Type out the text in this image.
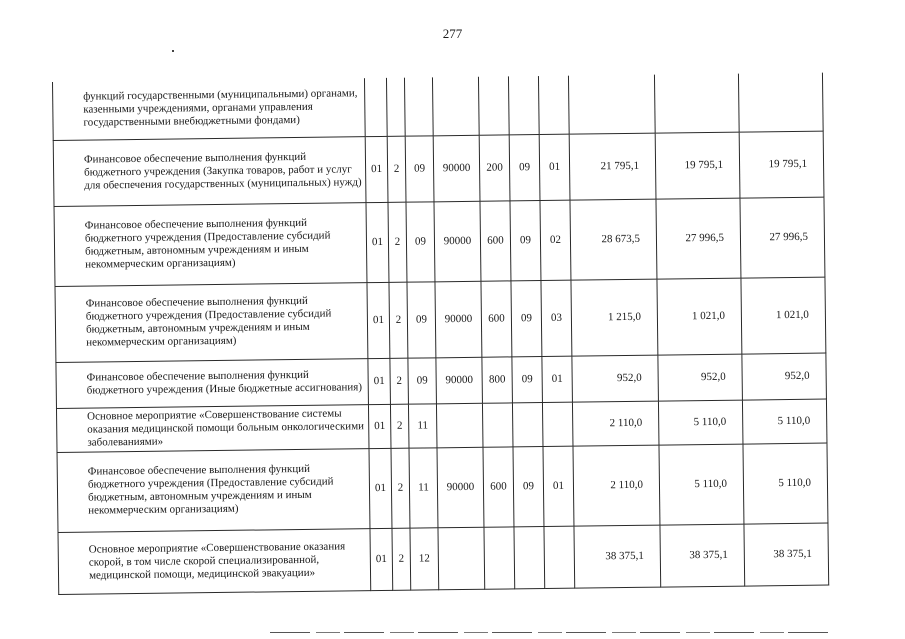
277
функций государственными (муниципальными) органами, казенными учреждениями, органами управления государственными внебюджетными фондами)										
Финансовое обеспечение выполнения функций бюджетного учреждения (Закупка товаров, работ и услуг для обеспечения государственных (муниципальных) нужд)	01	2	09	90000	200	09	01	21 795,1	19 795,1	19 795,1
Финансовое обеспечение выполнения функций бюджетного учреждения (Предоставление субсидий бюджетным, автономным учреждениям и иным некоммерческим организациям)	01	2	09	90000	600	09	02	28 673,5	27 996,5	27 996,5
Финансовое обеспечение выполнения функций бюджетного учреждения (Предоставление субсидий бюджетным, автономным учреждениям и иным некоммерческим организациям)	01	2	09	90000	600	09	03	1 215,0	1 021,0	1 021,0
Финансовое обеспечение выполнения функций бюджетного учреждения (Иные бюджетные ассигнования)	01	2	09	90000	800	09	01	952,0	952,0	952,0
Основное мероприятие «Совершенствование системы оказания медицинской помощи больным онкологическими заболеваниями»	01	2	11					2 110,0	5 110,0	5 110,0
Финансовое обеспечение выполнения функций бюджетного учреждения (Предоставление субсидий бюджетным, автономным учреждениям и иным некоммерческим организациям)	01	2	11	90000	600	09	01	2 110,0	5 110,0	5 110,0
Основное мероприятие «Совершенствование оказания скорой, в том числе скорой специализированной, медицинской помощи, медицинской эвакуации»	01	2	12					38 375,1	38 375,1	38 375,1
